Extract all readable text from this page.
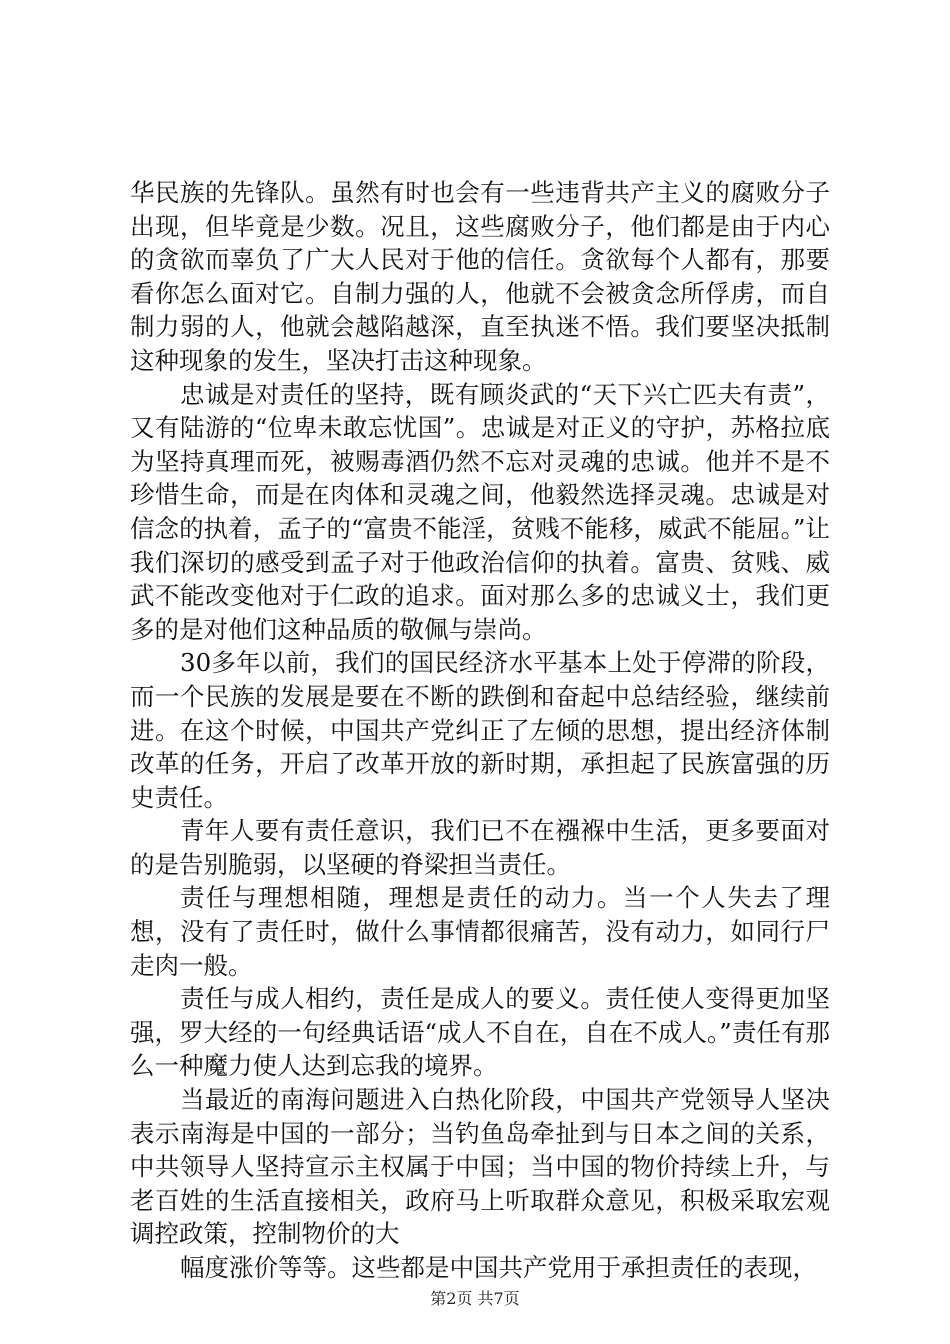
华民族的先锋队。虽然有时也会有一些违背共产主义的腐败分子出现，但毕竟是少数。况且，这些腐败分子，他们都是由于内心的贪欲而辜负了广大人民对于他的信任。贪欲每个人都有，那要看你怎么面对它。自制力强的人，他就不会被贪念所俘虏，而自制力弱的人，他就会越陷越深，直至执迷不悟。我们要坚决抵制这种现象的发生，坚决打击这种现象。

忠诚是对责任的坚持，既有顾炎武的“天下兴亡匹夫有责”，又有陆游的“位卑未敢忘忧国”。忠诚是对正义的守护，苏格拉底为坚持真理而死，被赐毒酒仍然不忘对灵魂的忠诚。他并不是不珍惜生命，而是在肉体和灵魂之间，他毅然选择灵魂。忠诚是对信念的执着，孟子的“富贵不能淫，贫贱不能移，威武不能屈。”让我们深切的感受到孟子对于他政治信仰的执着。富贵、贫贱、威武不能改变他对于仁政的追求。面对那么多的忠诚义士，我们更多的是对他们这种品质的敬佩与崇尚。

30多年以前，我们的国民经济水平基本上处于停滞的阶段，而一个民族的发展是要在不断的跌倒和奋起中总结经验，继续前进。在这个时候，中国共产党纠正了左倾的思想，提出经济体制改革的任务，开启了改革开放的新时期，承担起了民族富强的历史责任。

青年人要有责任意识，我们已不在襁褓中生活，更多要面对的是告别脆弱，以坚硬的脊梁担当责任。

责任与理想相随，理想是责任的动力。当一个人失去了理想，没有了责任时，做什么事情都很痛苦，没有动力，如同行尸走肉一般。

责任与成人相约，责任是成人的要义。责任使人变得更加坚强，罗大经的一句经典话语“成人不自在，自在不成人。”责任有那么一种魔力使人达到忘我的境界。

当最近的南海问题进入白热化阶段，中国共产党领导人坚决表示南海是中国的一部分；当钓鱼岛牵扯到与日本之间的关系，中共领导人坚持宣示主权属于中国；当中国的物价持续上升，与老百姓的生活直接相关，政府马上听取群众意见，积极采取宏观调控政策，控制物价的大

幅度涨价等等。这些都是中国共产党用于承担责任的表现，

第2页 共7页
